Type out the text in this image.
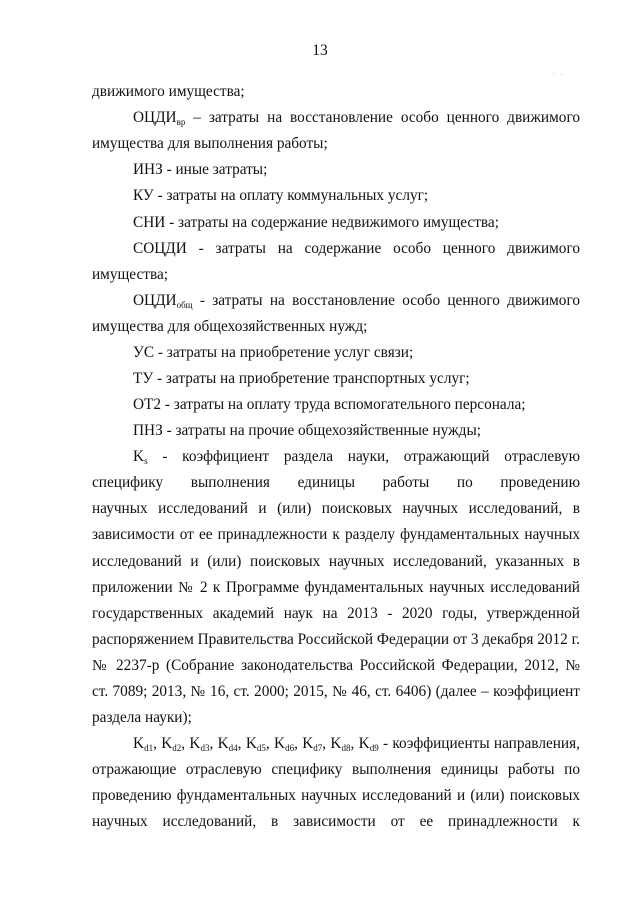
13
движимого имущества;
$ОЦДИ_{вр}$ – затраты на восстановление особо ценного движимого
имущества для выполнения работы;
ИНЗ - иные затраты;
КУ - затраты на оплату коммунальных услуг;
СНИ - затраты на содержание недвижимого имущества;
СОЦДИ - затраты на содержание особо ценного движимого
имущества;
$ОЦДИ_{общ}$ - затраты на восстановление особо ценного движимого
имущества для общехозяйственных нужд;
УС - затраты на приобретение услуг связи;
ТУ - затраты на приобретение транспортных услуг;
ОТ2 - затраты на оплату труда вспомогательного персонала;
ПНЗ - затраты на прочие общехозяйственные нужды;
$K_s$ - коэффициент раздела науки, отражающий отраслевую
специфику выполнения единицы работы по проведению
научных исследований и (или) поисковых научных исследований, в
зависимости от ее принадлежности к разделу фундаментальных научных
исследований и (или) поисковых научных исследований, указанных в
приложении № 2 к Программе фундаментальных научных исследований
государственных академий наук на 2013 - 2020 годы, утвержденной
распоряжением Правительства Российской Федерации от 3 декабря 2012 г.
№ 2237-р (Собрание законодательства Российской Федерации, 2012, №
ст. 7089; 2013, № 16, ст. 2000; 2015, № 46, ст. 6406) (далее – коэффициент
раздела науки);
$K_{d1}$, $K_{d2}$, $K_{d3}$, $K_{d4}$, $K_{d5}$, $K_{d6}$, $K_{d7}$, $K_{d8}$, $K_{d9}$ - коэффициенты направления,
отражающие отраслевую специфику выполнения единицы работы по
проведению фундаментальных научных исследований и (или) поисковых
научных исследований, в зависимости от ее принадлежности к
